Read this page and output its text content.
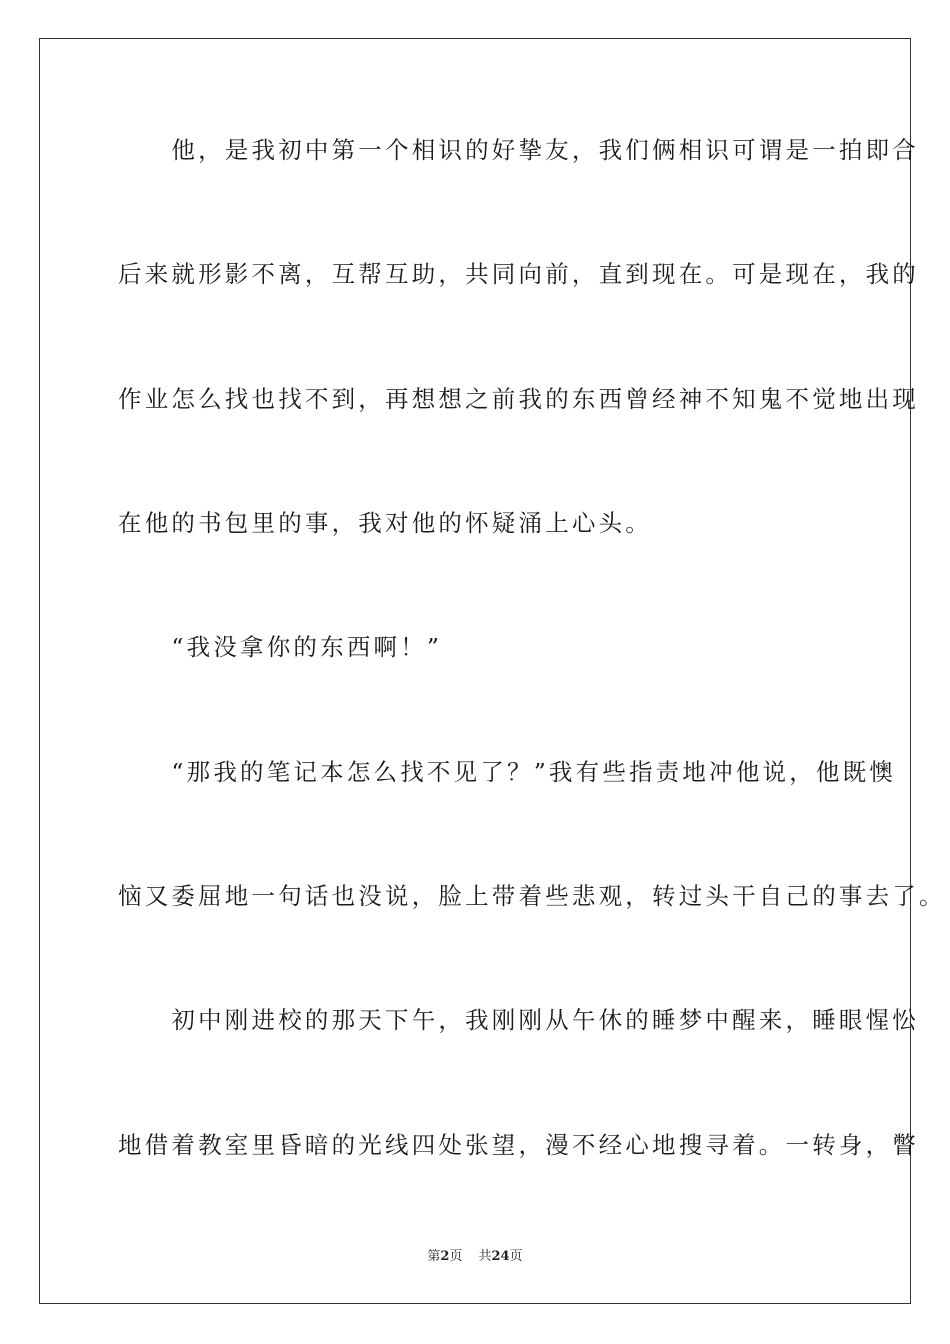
　　他，是我初中第一个相识的好挚友，我们俩相识可谓是一拍即合
后来就形影不离，互帮互助，共同向前，直到现在。可是现在，我的
作业怎么找也找不到，再想想之前我的东西曾经神不知鬼不觉地出现
在他的书包里的事，我对他的怀疑涌上心头。
　　“我没拿你的东西啊！”
　　“那我的笔记本怎么找不见了？”我有些指责地冲他说，他既懊
恼又委屈地一句话也没说，脸上带着些悲观，转过头干自己的事去了。
　　初中刚进校的那天下午，我刚刚从午休的睡梦中醒来，睡眼惺忪
地借着教室里昏暗的光线四处张望，漫不经心地搜寻着。一转身，瞥
第2页 共24页
